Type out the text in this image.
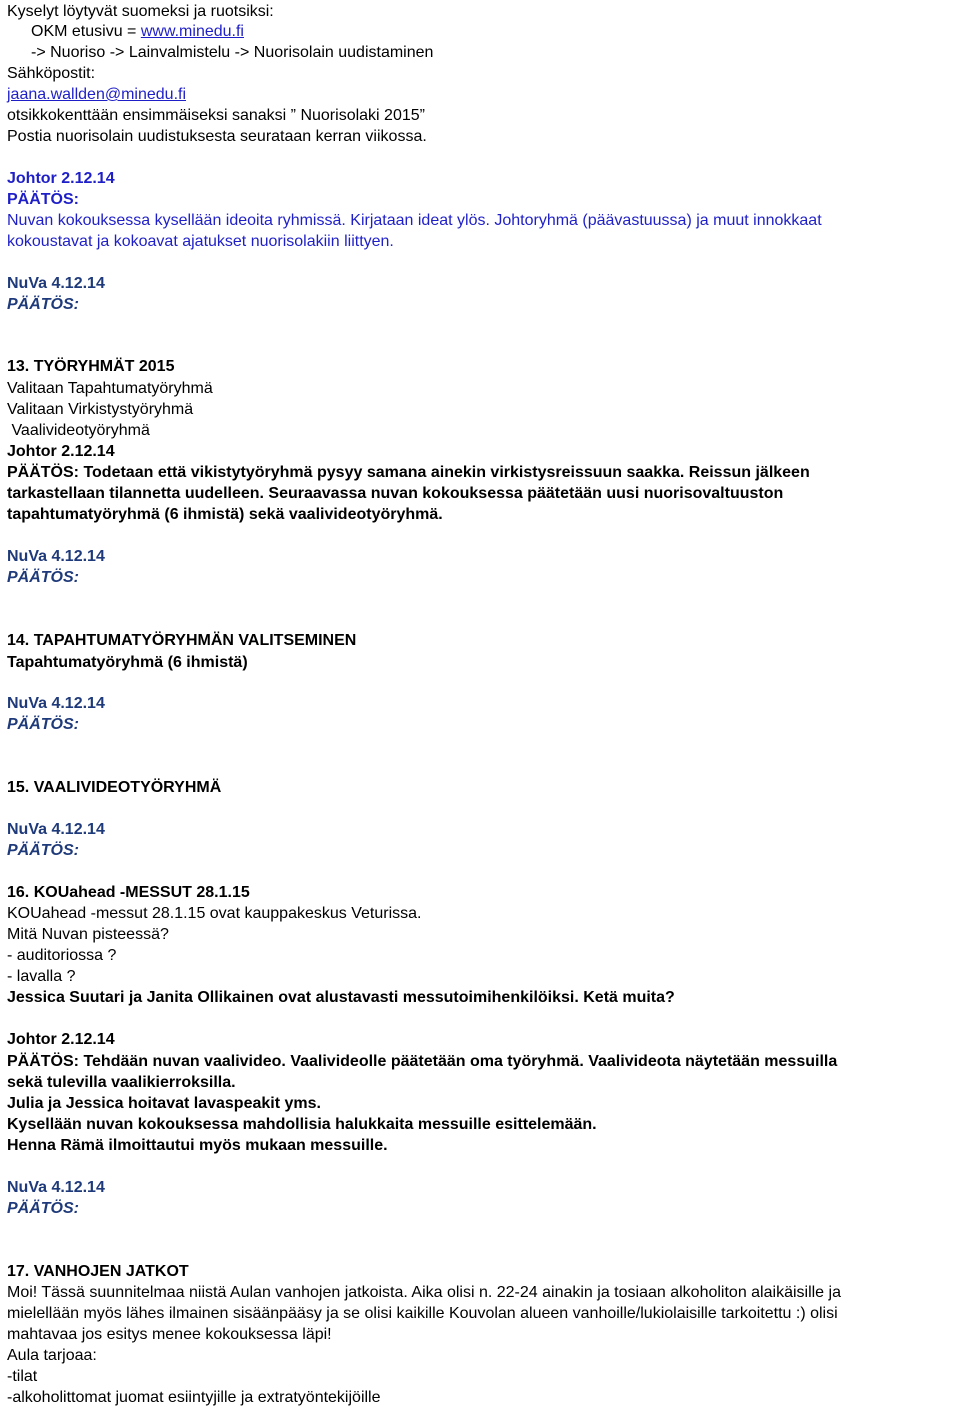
Kyselyt löytyvät suomeksi ja ruotsiksi:
OKM etusivu = www.minedu.fi
-> Nuoriso -> Lainvalmistelu -> Nuorisolain uudistaminen
Sähköpostit:
jaana.wallden@minedu.fi
otsikkokenttään ensimmäiseksi sanaksi ” Nuorisolaki 2015”
Postia nuorisolain uudistuksesta seurataan kerran viikossa.
Johtor 2.12.14
PÄÄTÖS:
Nuvan kokouksessa kysellään ideoita ryhmissä. Kirjataan ideat ylös. Johtoryhmä (päävastuussa) ja muut innokkaat
kokoustavat ja kokoavat ajatukset nuorisolakiin liittyen.
NuVa 4.12.14
PÄÄTÖS:
13. TYÖRYHMÄT 2015
Valitaan Tapahtumatyöryhmä
Valitaan Virkistystyöryhmä
Vaalivideotyöryhmä
Johtor 2.12.14
PÄÄTÖS: Todetaan että vikistytyöryhmä pysyy samana ainekin virkistysreissuun saakka. Reissun jälkeen
tarkastellaan tilannetta uudelleen. Seuraavassa nuvan kokouksessa päätetään uusi nuorisovaltuuston
tapahtumatyöryhmä (6 ihmistä) sekä vaalivideotyöryhmä.
NuVa 4.12.14
PÄÄTÖS:
14. TAPAHTUMATYÖRYHMÄN VALITSEMINEN
Tapahtumatyöryhmä (6 ihmistä)
NuVa 4.12.14
PÄÄTÖS:
15. VAALIVIDEOTYÖRYHMÄ
NuVa 4.12.14
PÄÄTÖS:
16. KOUahead -MESSUT 28.1.15
KOUahead -messut 28.1.15 ovat kauppakeskus Veturissa.
Mitä Nuvan pisteessä?
- auditoriossa ?
- lavalla ?
Jessica Suutari ja Janita Ollikainen ovat alustavasti messutoimihenkilöiksi. Ketä muita?
Johtor 2.12.14
PÄÄTÖS: Tehdään nuvan vaalivideo. Vaalivideolle päätetään oma työryhmä. Vaalivideota näytetään messuilla
sekä tulevilla vaalikierroksilla.
Julia ja Jessica hoitavat lavaspeakit yms.
Kysellään nuvan kokouksessa mahdollisia halukkaita messuille esittelemään.
Henna Rämä ilmoittautui myös mukaan messuille.
NuVa 4.12.14
PÄÄTÖS:
17. VANHOJEN JATKOT
Moi! Tässä suunnitelmaa niistä Aulan vanhojen jatkoista. Aika olisi n. 22-24 ainakin ja tosiaan alkoholiton alaikäisille ja
mielellään myös lähes ilmainen sisäänpääsy ja se olisi kaikille Kouvolan alueen vanhoille/lukiolaisille tarkoitettu :) olisi
mahtavaa jos esitys menee kokouksessa läpi!
Aula tarjoaa:
-tilat
-alkoholittomat juomat esiintyjille ja extratyöntekijöille
